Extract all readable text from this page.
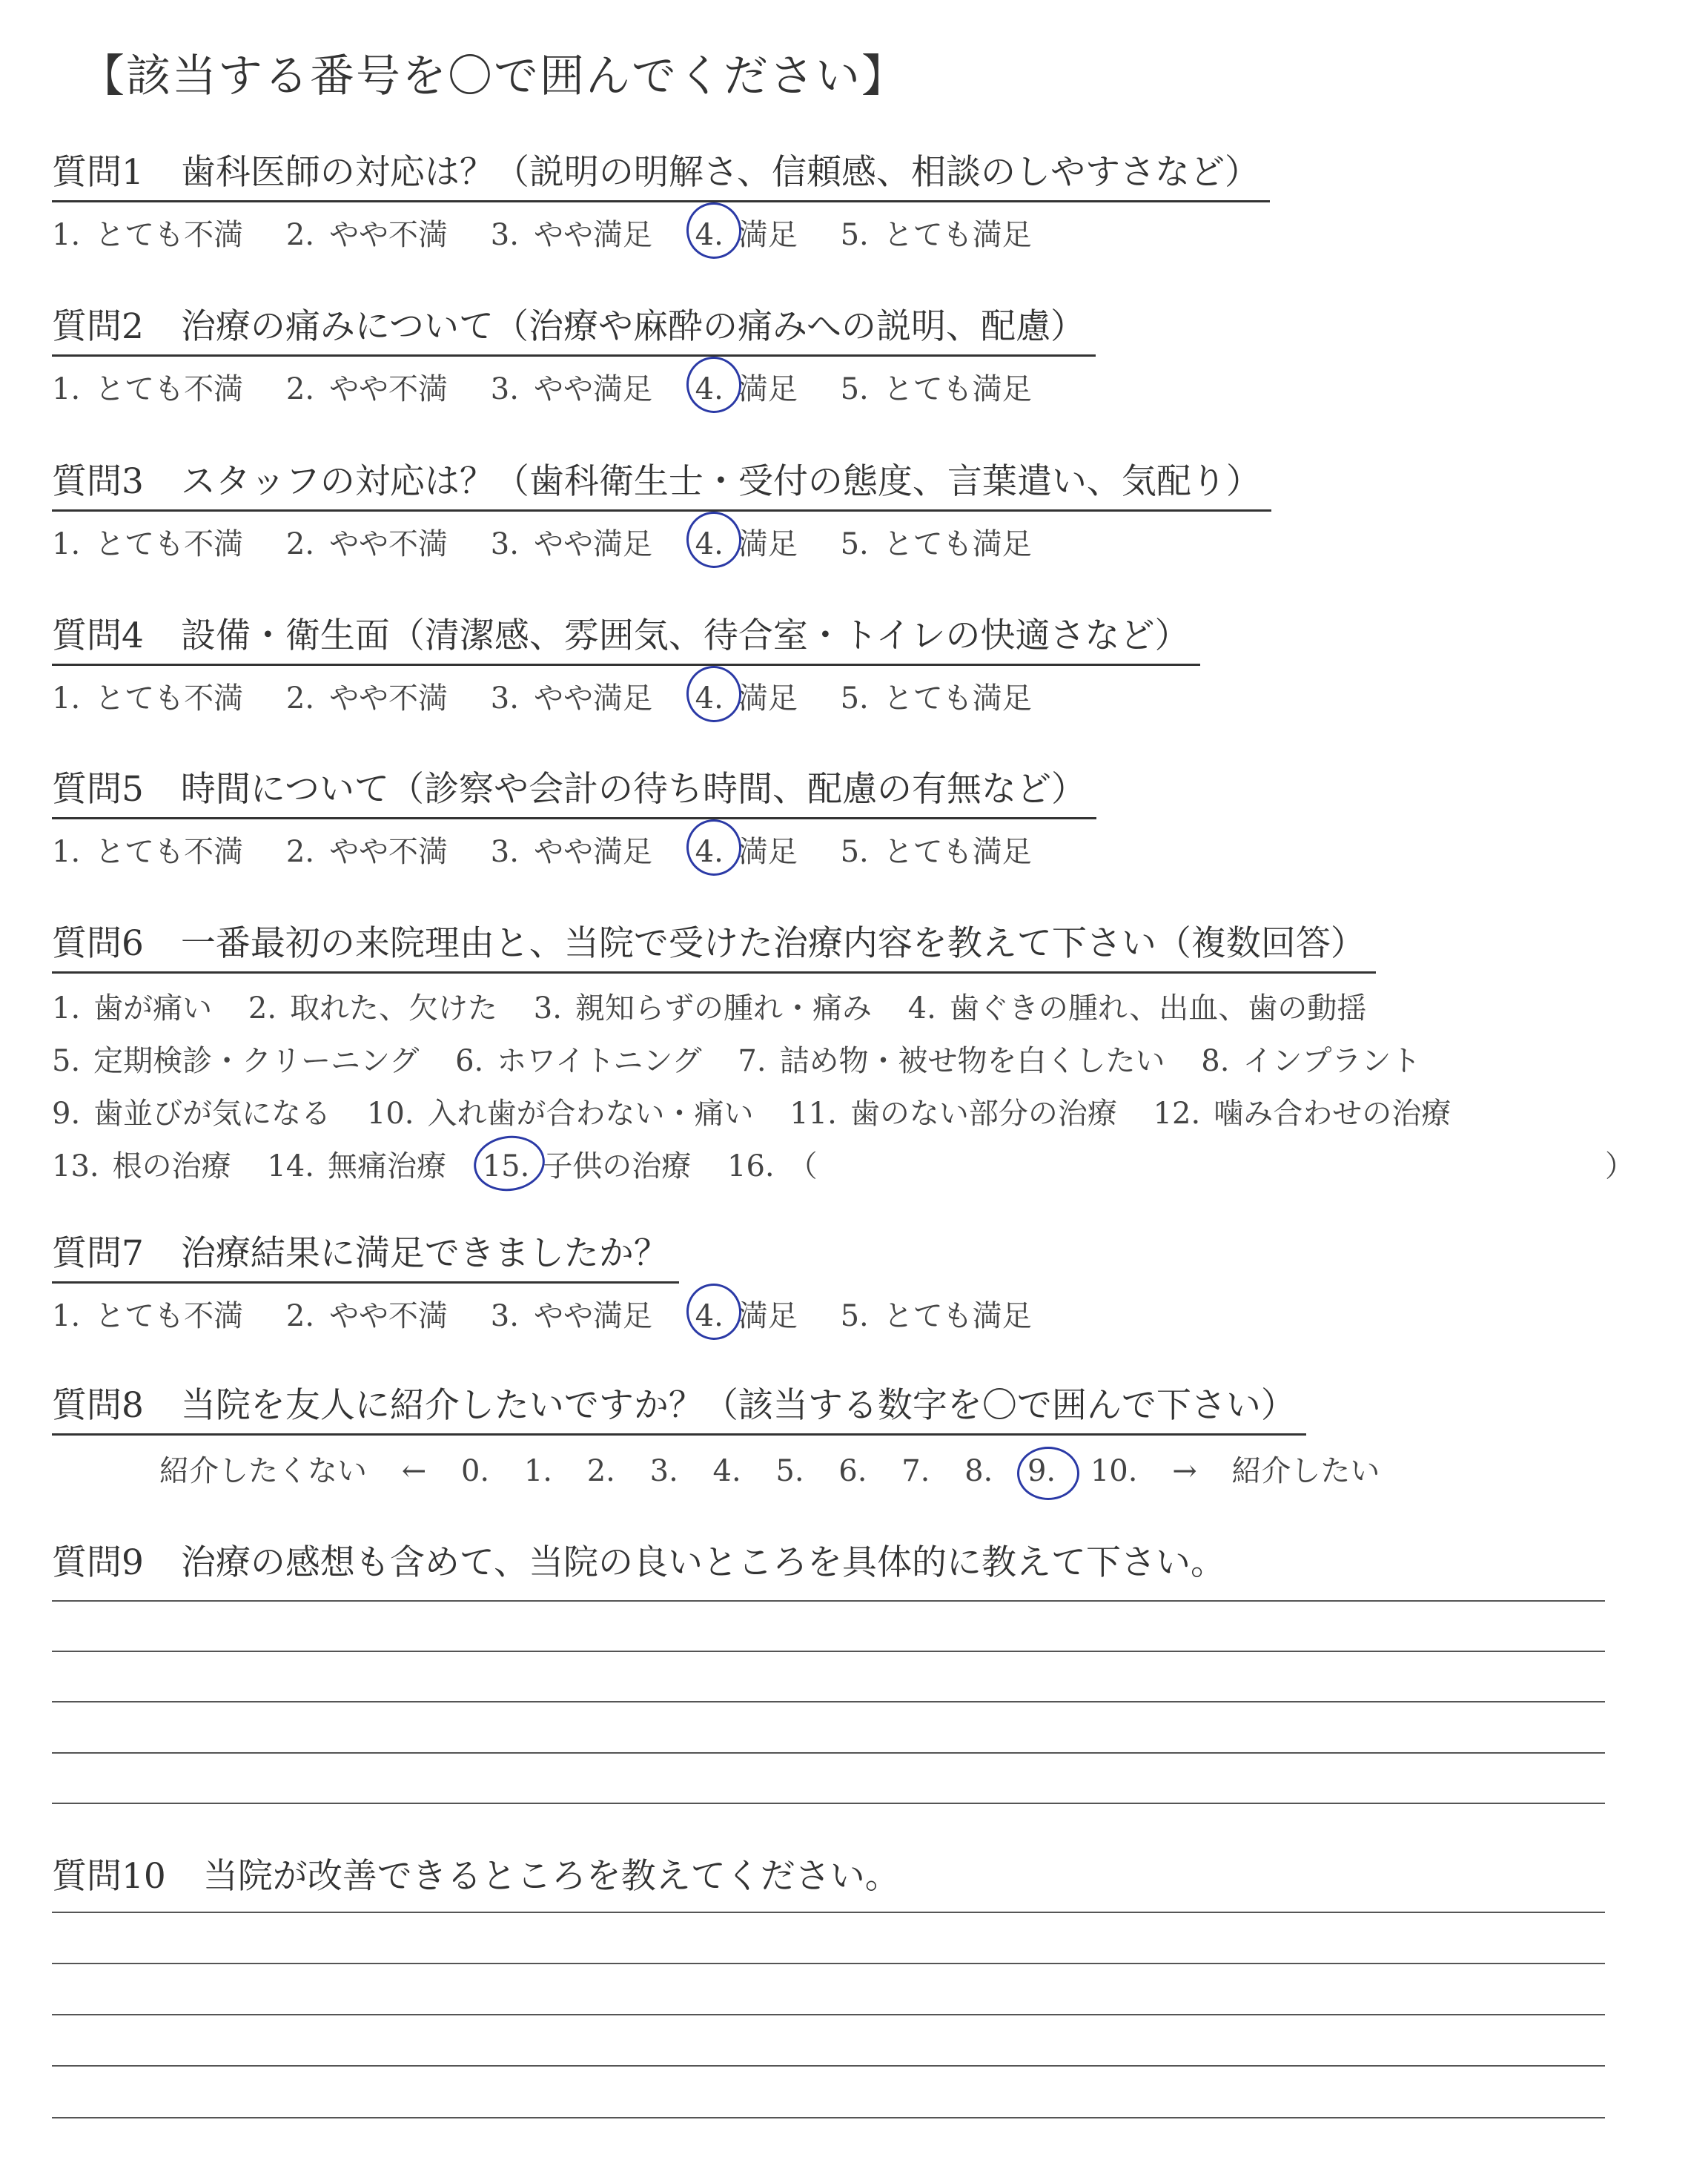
【該当する番号を〇で囲んでください】
質問1 歯科医師の対応は？（説明の明解さ、信頼感、相談のしやすさなど）
1. とても不満 2. やや不満 3. やや満足 4. 満足 5. とても満足
質問2 治療の痛みについて（治療や麻酔の痛みへの説明、配慮）
1. とても不満 2. やや不満 3. やや満足 4. 満足 5. とても満足
質問3 スタッフの対応は？（歯科衛生士・受付の態度、言葉遣い、気配り）
1. とても不満 2. やや不満 3. やや満足 4. 満足 5. とても満足
質問4 設備・衛生面（清潔感、雰囲気、待合室・トイレの快適さなど）
1. とても不満 2. やや不満 3. やや満足 4. 満足 5. とても満足
質問5 時間について（診察や会計の待ち時間、配慮の有無など）
1. とても不満 2. やや不満 3. やや満足 4. 満足 5. とても満足
質問6 一番最初の来院理由と、当院で受けた治療内容を教えて下さい（複数回答）
1. 歯が痛い 2. 取れた、欠けた 3. 親知らずの腫れ・痛み 4. 歯ぐきの腫れ、出血、歯の動揺
5. 定期検診・クリーニング 6. ホワイトニング 7. 詰め物・被せ物を白くしたい 8. インプラント
9. 歯並びが気になる 10. 入れ歯が合わない・痛い 11. 歯のない部分の治療 12. 噛み合わせの治療
13. 根の治療 14. 無痛治療 15. 子供の治療 16. （	）
質問7 治療結果に満足できましたか？
1. とても不満 2. やや不満 3. やや満足 4. 満足 5. とても満足
質問8 当院を友人に紹介したいですか？（該当する数字を〇で囲んで下さい）
紹介したくない ← 0. 1. 2. 3. 4. 5. 6. 7. 8. 9. 10. → 紹介したい
質問9 治療の感想も含めて、当院の良いところを具体的に教えて下さい。
質問10 当院が改善できるところを教えてください。
